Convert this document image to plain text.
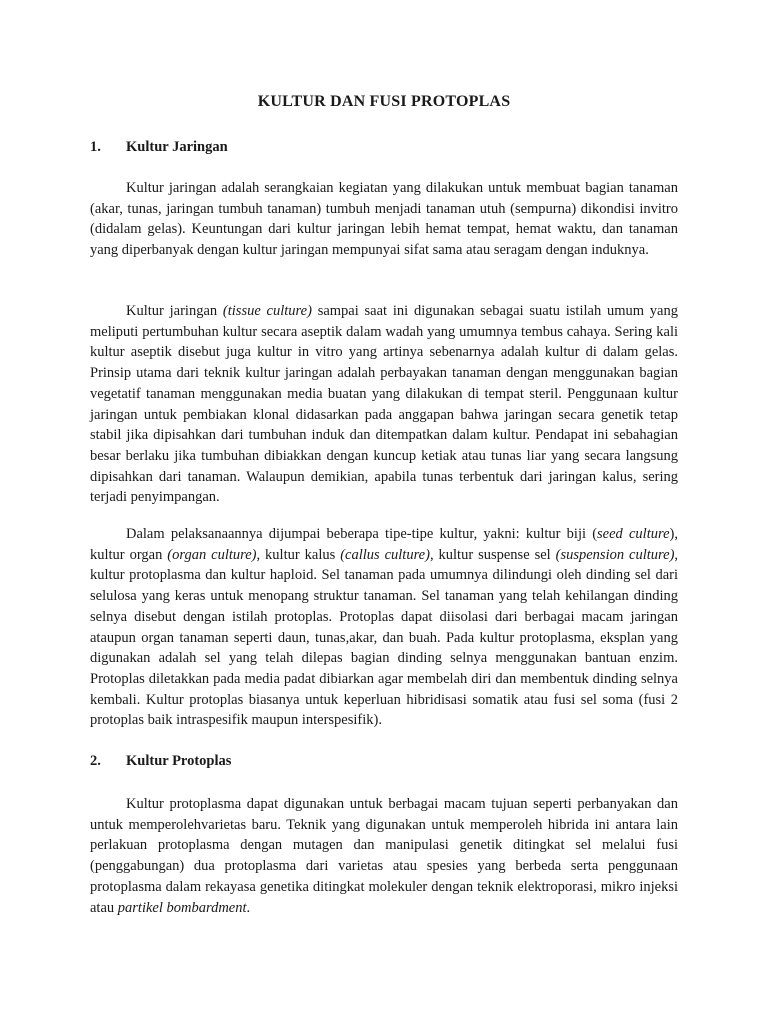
KULTUR DAN FUSI PROTOPLAS
1. Kultur Jaringan

Kultur jaringan adalah serangkaian kegiatan yang dilakukan untuk membuat bagian tanaman (akar, tunas, jaringan tumbuh tanaman) tumbuh menjadi tanaman utuh (sempurna) dikondisi invitro (didalam gelas). Keuntungan dari kultur jaringan lebih hemat tempat, hemat waktu, dan tanaman yang diperbanyak dengan kultur jaringan mempunyai sifat sama atau seragam dengan induknya.

Kultur jaringan (tissue culture) sampai saat ini digunakan sebagai suatu istilah umum yang meliputi pertumbuhan kultur secara aseptik dalam wadah yang umumnya tembus cahaya. Sering kali kultur aseptik disebut juga kultur in vitro yang artinya sebenarnya adalah kultur di dalam gelas. Prinsip utama dari teknik kultur jaringan adalah perbayakan tanaman dengan menggunakan bagian vegetatif tanaman menggunakan media buatan yang dilakukan di tempat steril. Penggunaan kultur jaringan untuk pembiakan klonal didasarkan pada anggapan bahwa jaringan secara genetik tetap stabil jika dipisahkan dari tumbuhan induk dan ditempatkan dalam kultur. Pendapat ini sebahagian besar berlaku jika tumbuhan dibiakkan dengan kuncup ketiak atau tunas liar yang secara langsung dipisahkan dari tanaman. Walaupun demikian, apabila tunas terbentuk dari jaringan kalus, sering terjadi penyimpangan.

Dalam pelaksanaannya dijumpai beberapa tipe-tipe kultur, yakni: kultur biji (seed culture), kultur organ (organ culture), kultur kalus (callus culture), kultur suspense sel (suspension culture), kultur protoplasma dan kultur haploid. Sel tanaman pada umumnya dilindungi oleh dinding sel dari selulosa yang keras untuk menopang struktur tanaman. Sel tanaman yang telah kehilangan dinding selnya disebut dengan istilah protoplas. Protoplas dapat diisolasi dari berbagai macam jaringan ataupun organ tanaman seperti daun, tunas,akar, dan buah. Pada kultur protoplasma, eksplan yang digunakan adalah sel yang telah dilepas bagian dinding selnya menggunakan bantuan enzim. Protoplas diletakkan pada media padat dibiarkan agar membelah diri dan membentuk dinding selnya kembali. Kultur protoplas biasanya untuk keperluan hibridisasi somatik atau fusi sel soma (fusi 2 protoplas baik intraspesifik maupun interspesifik).

2. Kultur Protoplas

Kultur protoplasma dapat digunakan untuk berbagai macam tujuan seperti perbanyakan dan untuk memperolehvarietas baru. Teknik yang digunakan untuk memperoleh hibrida ini antara lain perlakuan protoplasma dengan mutagen dan manipulasi genetik ditingkat sel melalui fusi (penggabungan) dua protoplasma dari varietas atau spesies yang berbeda serta penggunaan protoplasma dalam rekayasa genetika ditingkat molekuler dengan teknik elektroporasi, mikro injeksi atau partikel bombardment.
